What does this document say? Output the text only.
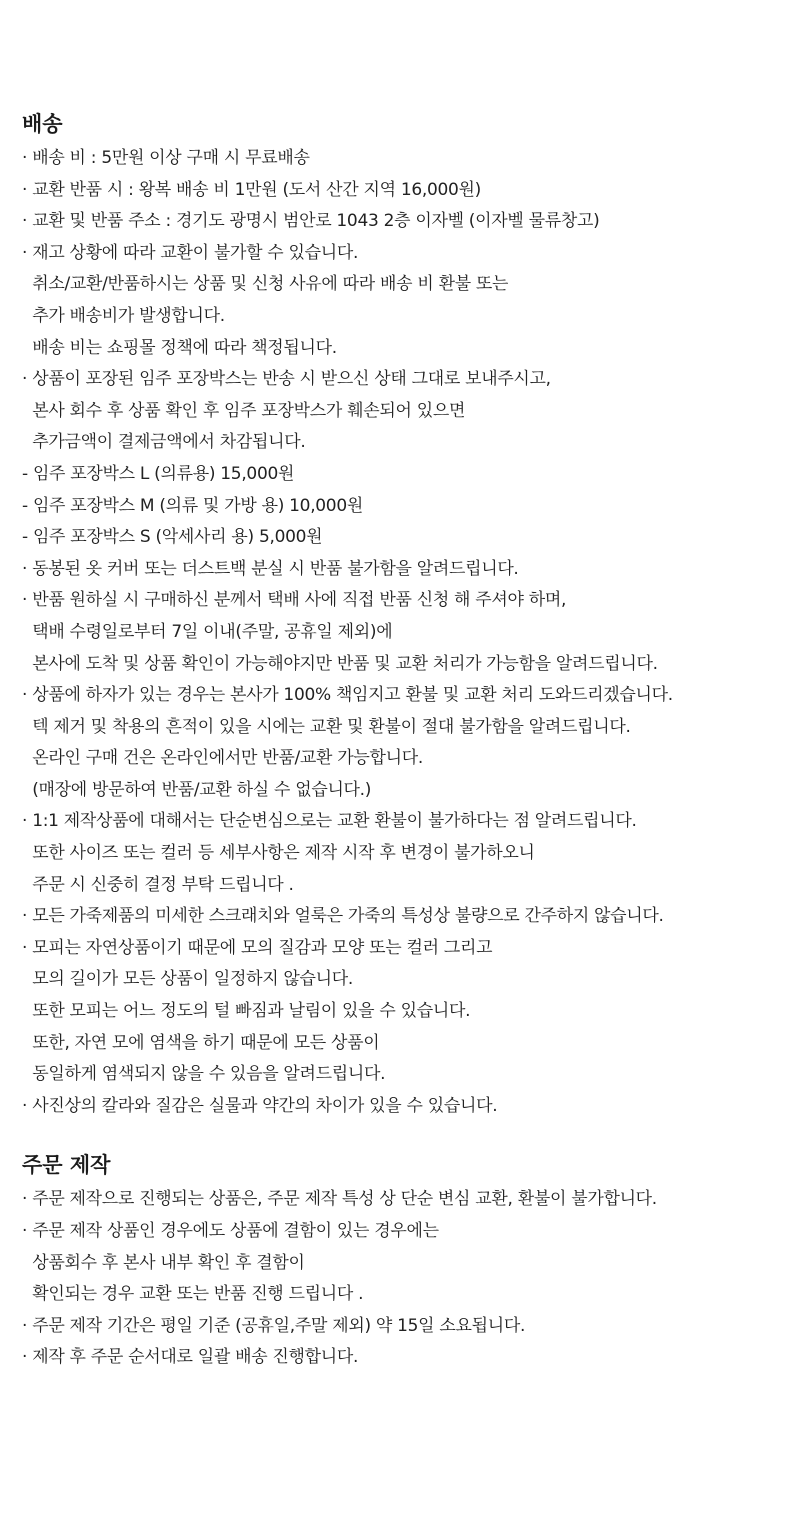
배송
· 배송 비 : 5만원 이상 구매 시 무료배송
· 교환 반품 시 : 왕복 배송 비 1만원 (도서 산간 지역 16,000원)
· 교환 및 반품 주소 : 경기도 광명시 범안로 1043 2층 이자벨 (이자벨 물류창고)
· 재고 상황에 따라 교환이 불가할 수 있습니다.
취소/교환/반품하시는 상품 및 신청 사유에 따라 배송 비 환불 또는
추가 배송비가 발생합니다.
배송 비는 쇼핑몰 정책에 따라 책정됩니다.
· 상품이 포장된 임주 포장박스는 반송 시 받으신 상태 그대로 보내주시고,
본사 회수 후 상품 확인 후 임주 포장박스가 훼손되어 있으면
추가금액이 결제금액에서 차감됩니다.
- 임주 포장박스 L (의류용) 15,000원
- 임주 포장박스 M (의류 및 가방 용) 10,000원
- 임주 포장박스 S (악세사리 용) 5,000원
· 동봉된 옷 커버 또는 더스트백 분실 시 반품 불가함을 알려드립니다.
· 반품 원하실 시 구매하신 분께서 택배 사에 직접 반품 신청 해 주셔야 하며,
택배 수령일로부터 7일 이내(주말, 공휴일 제외)에
본사에 도착 및 상품 확인이 가능해야지만 반품 및 교환 처리가 가능함을 알려드립니다.
· 상품에 하자가 있는 경우는 본사가 100% 책임지고 환불 및 교환 처리 도와드리겠습니다.
텍 제거 및 착용의 흔적이 있을 시에는 교환 및 환불이 절대 불가함을 알려드립니다.
온라인 구매 건은 온라인에서만 반품/교환 가능합니다.
(매장에 방문하여 반품/교환 하실 수 없습니다.)
· 1:1 제작상품에 대해서는 단순변심으로는 교환 환불이 불가하다는 점 알려드립니다.
또한 사이즈 또는 컬러 등 세부사항은 제작 시작 후 변경이 불가하오니
주문 시 신중히 결정 부탁 드립니다 .
· 모든 가죽제품의 미세한 스크래치와 얼룩은 가죽의 특성상 불량으로 간주하지 않습니다.
· 모피는 자연상품이기 때문에 모의 질감과 모양 또는 컬러 그리고
모의 길이가 모든 상품이 일정하지 않습니다.
또한 모피는 어느 정도의 털 빠짐과 날림이 있을 수 있습니다.
또한, 자연 모에 염색을 하기 때문에 모든 상품이
동일하게 염색되지 않을 수 있음을 알려드립니다.
· 사진상의 칼라와 질감은 실물과 약간의 차이가 있을 수 있습니다.
주문 제작
· 주문 제작으로 진행되는 상품은, 주문 제작 특성 상 단순 변심 교환, 환불이 불가합니다.
· 주문 제작 상품인 경우에도 상품에 결함이 있는 경우에는
상품회수 후 본사 내부 확인 후 결함이
확인되는 경우 교환 또는 반품 진행 드립니다 .
· 주문 제작 기간은 평일 기준 (공휴일,주말 제외) 약 15일 소요됩니다.
· 제작 후 주문 순서대로 일괄 배송 진행합니다.
